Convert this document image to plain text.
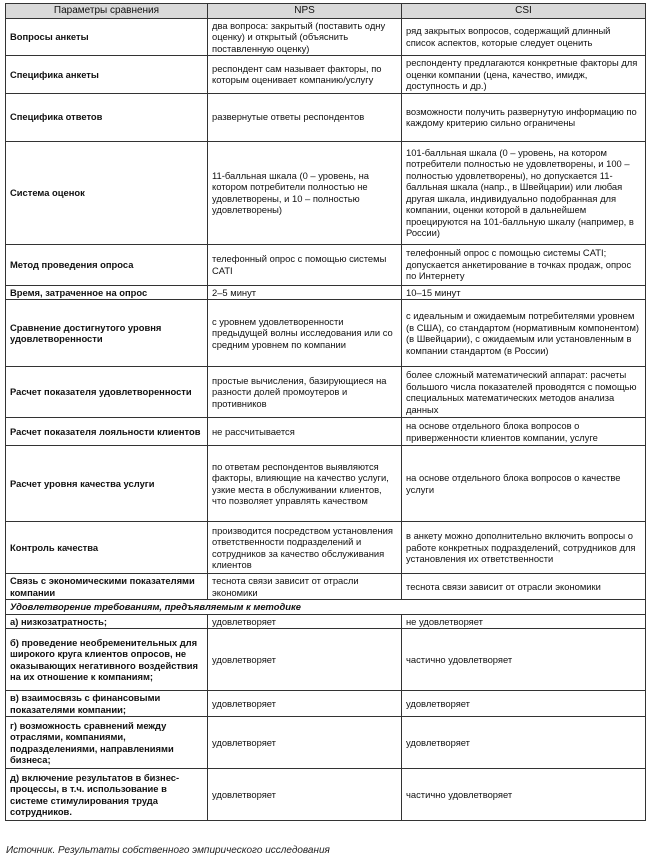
Параметры сравнения	NPS	CSI
Вопросы анкеты	два вопроса: закрытый (поставить одну оценку) и открытый (объяснить поставленную оценку)	ряд закрытых вопросов, содержащий длинный список аспектов, которые следует оценить
Специфика анкеты	респондент сам называет факторы, по которым оценивает компанию/услугу	респонденту предлагаются конкретные факторы для оценки компании (цена, качество, имидж, доступность и др.)
Специфика ответов	развернутые ответы респондентов	возможности получить развернутую информацию по каждому критерию сильно ограничены
Система оценок	11-балльная шкала (0 – уровень, на котором потребители полностью не удовлетворены, и 10 – полностью удовлетворены)	101-балльная шкала (0 – уровень, на котором потребители полностью не удовлетворены, и 100 – полностью удовлетворены), но допускается 11-балльная шкала (напр., в Швейцарии) или любая другая шкала, индивидуально подобранная для компании, оценки которой в дальнейшем проецируются на 101-балльную шкалу (например, в России)
Метод проведения опроса	телефонный опрос с помощью системы CATI	телефонный опрос с помощью системы CATI; допускается анкетирование в точках продаж, опрос по Интернету
Время, затраченное на опрос	2–5 минут	10–15 минут
Сравнение достигнутого уровня удовлетворенности	с уровнем удовлетворенности предыдущей волны исследования или со средним уровнем по компании	с идеальным и ожидаемым потребителями уровнем (в США), со стандартом (нормативным компонентом) (в Швейцарии), с ожидаемым или установленным в компании стандартом (в России)
Расчет показателя удовлетворенности	простые вычисления, базирующиеся на разности долей промоутеров и противников	более сложный математический аппарат: расчеты большого числа показателей проводятся с помощью специальных математических методов анализа данных
Расчет показателя лояльности клиентов	не рассчитывается	на основе отдельного блока вопросов о приверженности клиентов компании, услуге
Расчет уровня качества услуги	по ответам респондентов выявляются факторы, влияющие на качество услуги, узкие места в обслуживании клиентов, что позволяет управлять качеством	на основе отдельного блока вопросов о качестве услуги
Контроль качества	производится посредством установления ответственности подразделений и сотрудников за качество обслуживания клиентов	в анкету можно дополнительно включить вопросы о работе конкретных подразделений, сотрудников для установления их ответственности
Связь с экономическими показателями компании	теснота связи зависит от отрасли экономики	теснота связи зависит от отрасли экономики
Удовлетворение требованиям, предъявляемым к методике		
а) низкозатратность;	удовлетворяет	не удовлетворяет
б) проведение необременительных для широкого круга клиентов опросов, не оказывающих негативного воздействия на их отношение к компаниям;	удовлетворяет	частично удовлетворяет
в) взаимосвязь с финансовыми показателями компании;	удовлетворяет	удовлетворяет
г) возможность сравнений между отраслями, компаниями, подразделениями, направлениями бизнеса;	удовлетворяет	удовлетворяет
д) включение результатов в бизнес-процессы, в т.ч. использование в системе стимулирования труда сотрудников.	удовлетворяет	частично удовлетворяет
Источник. Результаты собственного эмпирического исследования
